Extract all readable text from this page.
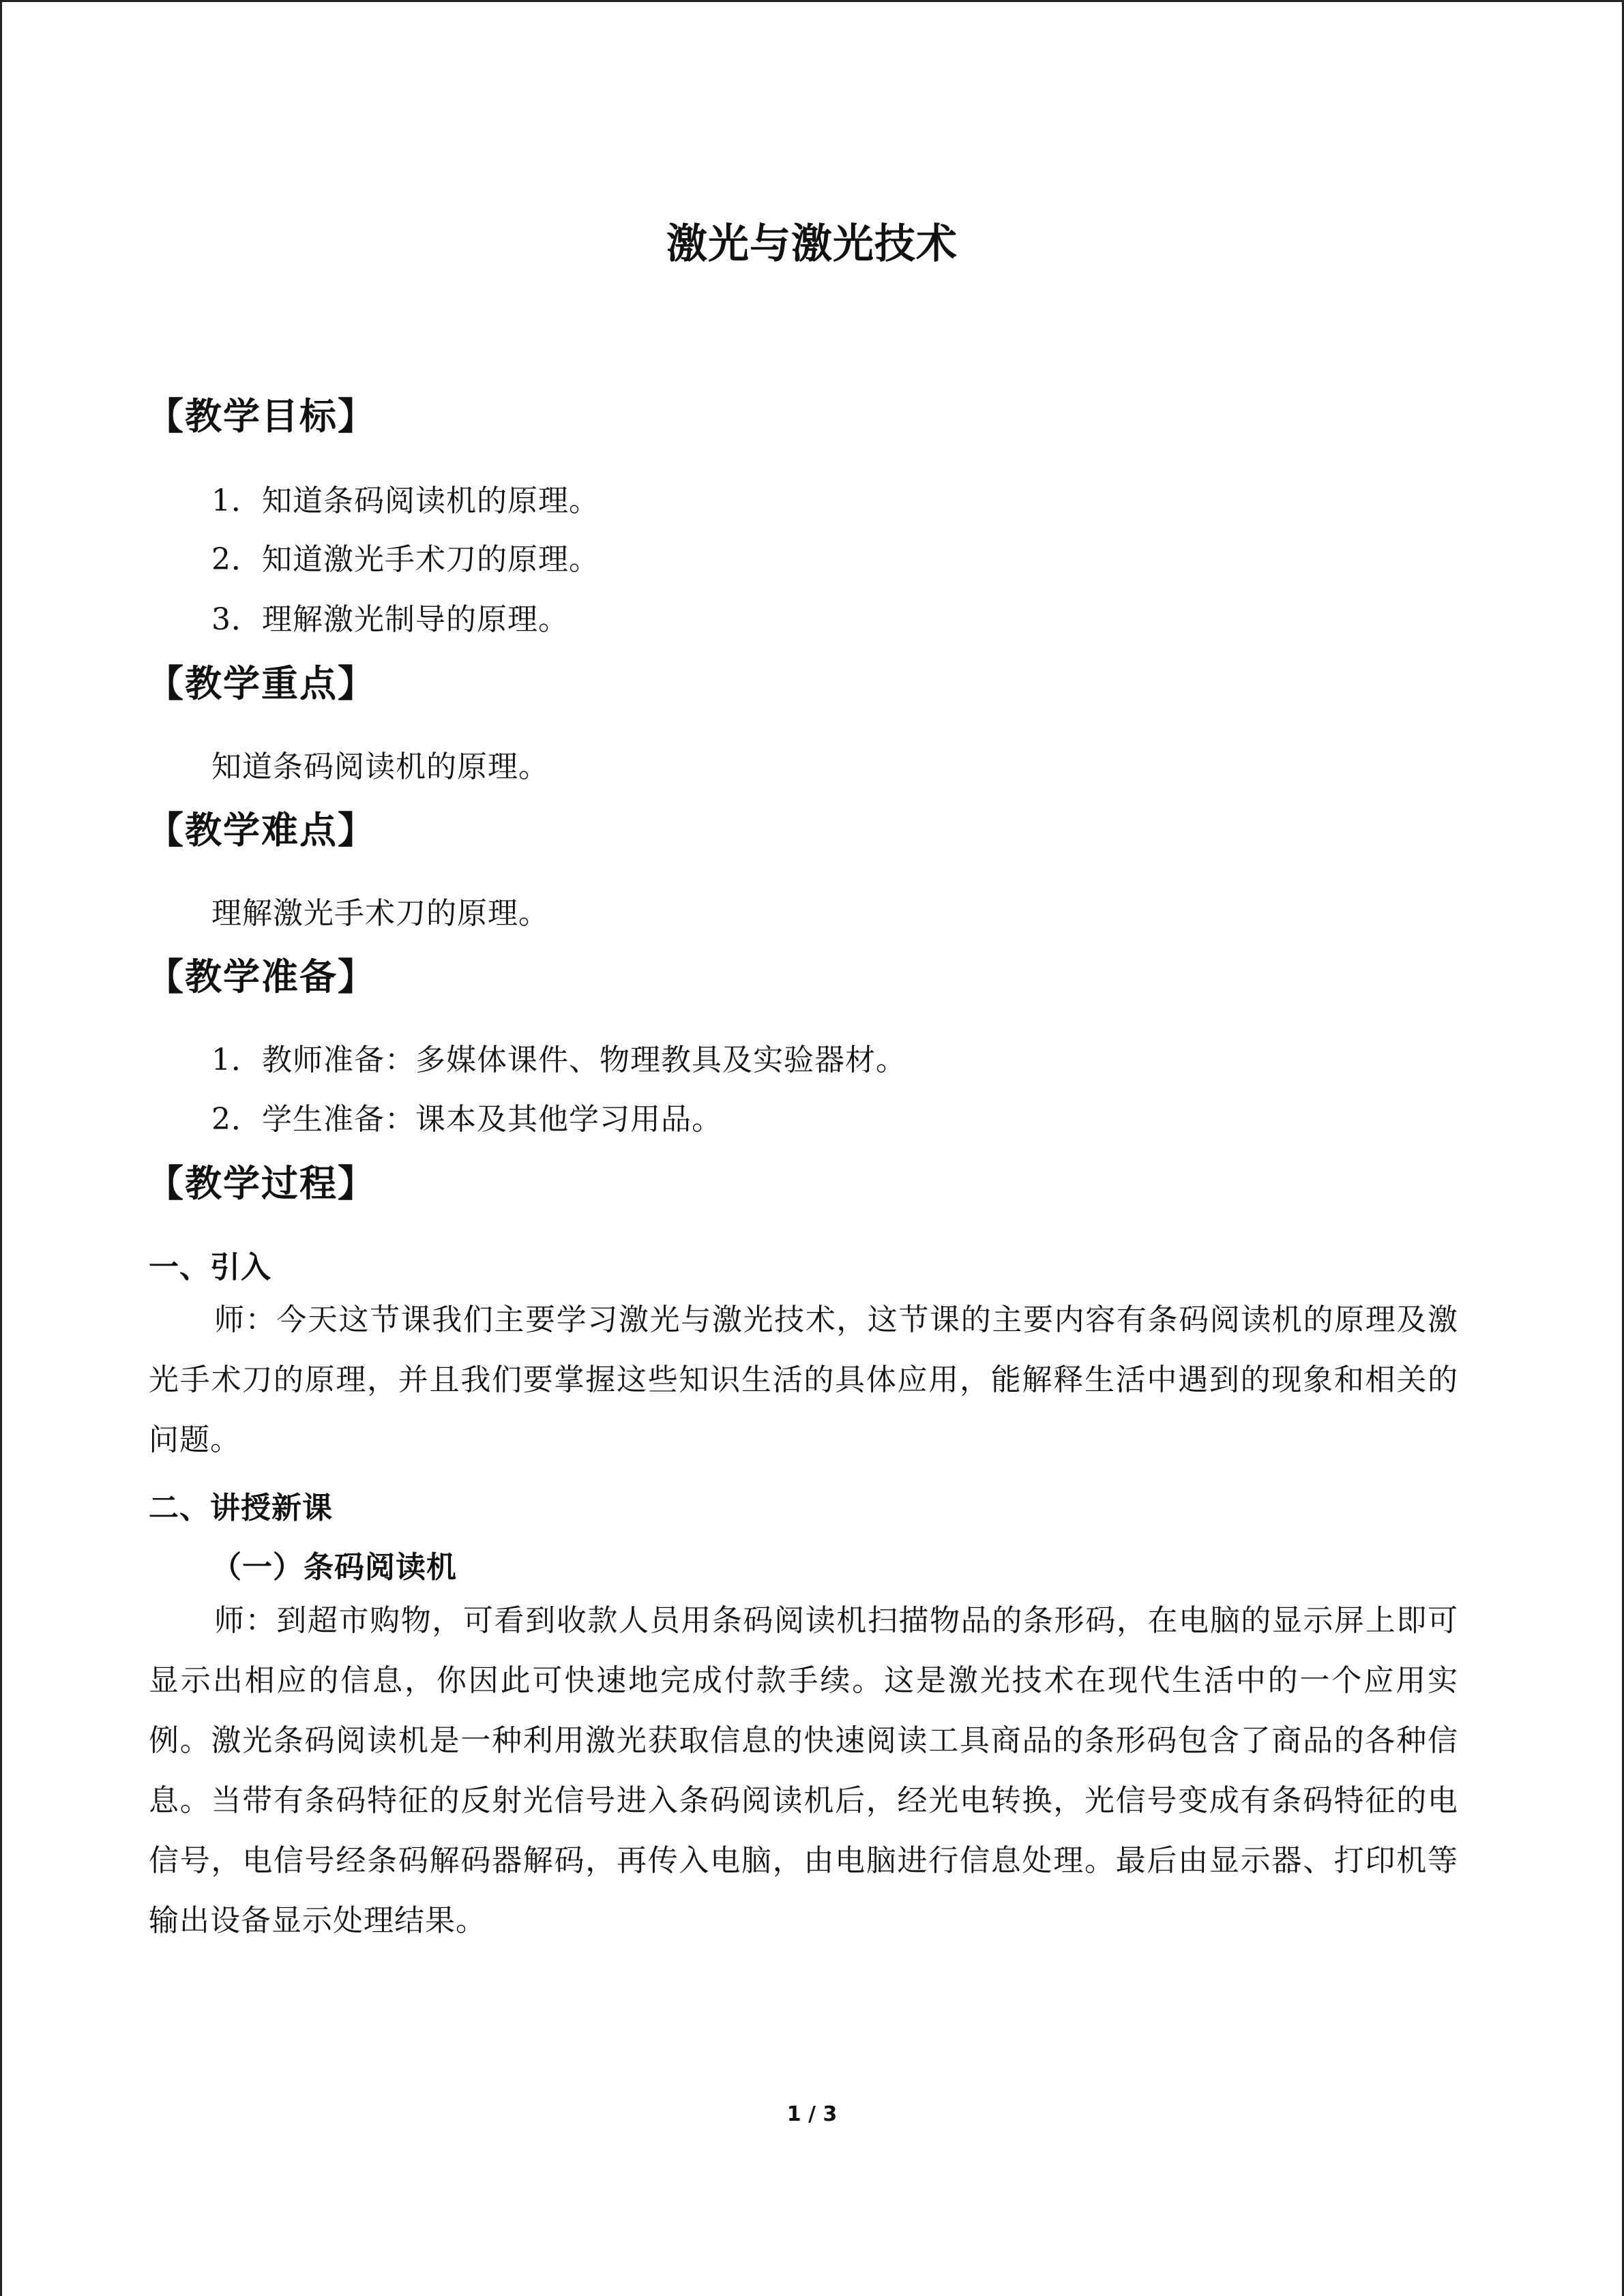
激光与激光技术
【教学目标】
1．知道条码阅读机的原理。
2．知道激光手术刀的原理。
3．理解激光制导的原理。
【教学重点】
知道条码阅读机的原理。
【教学难点】
理解激光手术刀的原理。
【教学准备】
1．教师准备：多媒体课件、物理教具及实验器材。
2．学生准备：课本及其他学习用品。
【教学过程】
一、引入
师：今天这节课我们主要学习激光与激光技术，这节课的主要内容有条码阅读机的原理及激光手术刀的原理，并且我们要掌握这些知识生活的具体应用，能解释生活中遇到的现象和相关的问题。
二、讲授新课
（一）条码阅读机
师：到超市购物，可看到收款人员用条码阅读机扫描物品的条形码，在电脑的显示屏上即可显示出相应的信息，你因此可快速地完成付款手续。这是激光技术在现代生活中的一个应用实例。激光条码阅读机是一种利用激光获取信息的快速阅读工具商品的条形码包含了商品的各种信息。当带有条码特征的反射光信号进入条码阅读机后，经光电转换，光信号变成有条码特征的电信号，电信号经条码解码器解码，再传入电脑，由电脑进行信息处理。最后由显示器、打印机等输出设备显示处理结果。
1 / 3
